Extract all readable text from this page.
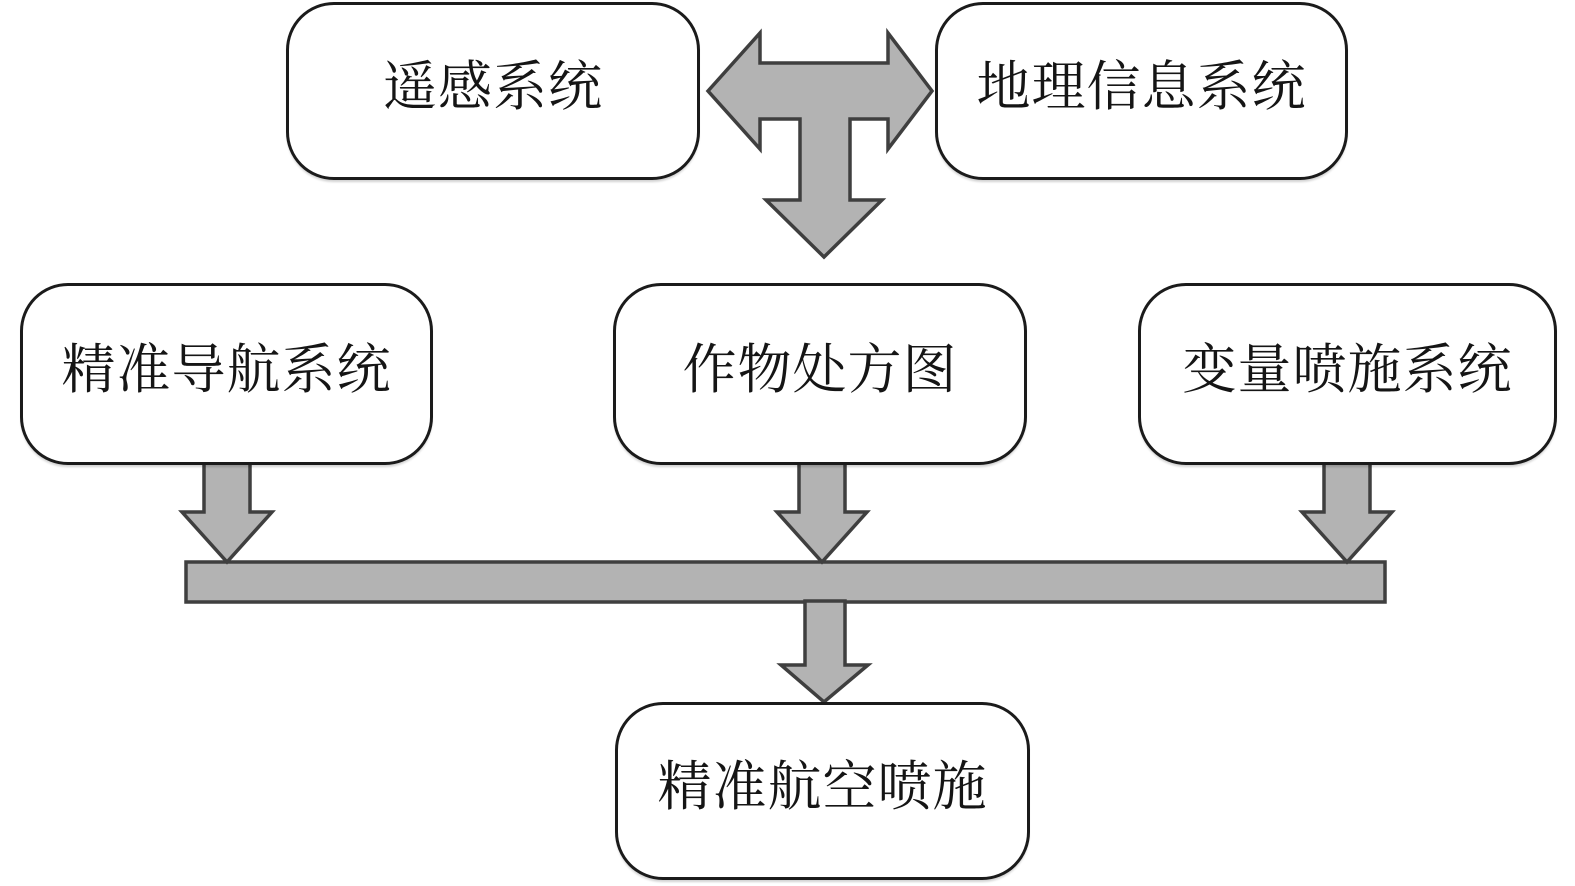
遥感系统	地理信息系统
精准导航系统	作物处方图	变量喷施系统
精准航空喷施
